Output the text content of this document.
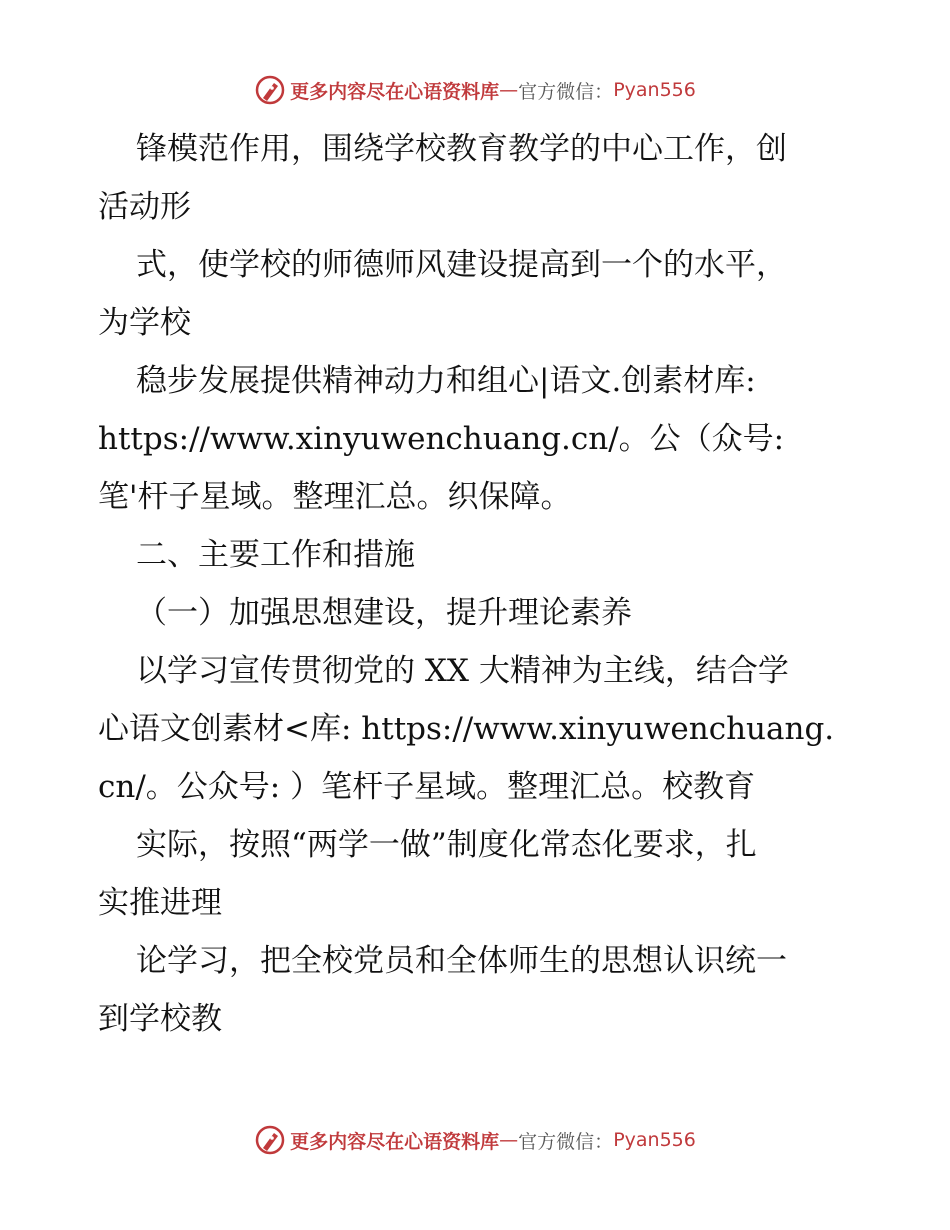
更多内容尽在心语资料库 — 官方微信： Pyan556
锋模范作用，围绕学校教育教学的中心工作，创
活动形
式，使学校的师德师风建设提高到一个的水平，
为学校
稳步发展提供精神动力和组心|语文.创素材库:
https://www.xinyuwenchuang.cn/。公（众号:
笔'杆子星域。整理汇总。织保障。
二、主要工作和措施
（一）加强思想建设，提升理论素养
以学习宣传贯彻党的 XX 大精神为主线，结合学
心语文创素材<库: https://www.xinyuwenchuang.
cn/。公众号: ）笔杆子星域。整理汇总。校教育
实际，按照“两学一做”制度化常态化要求，扎
实推进理
论学习，把全校党员和全体师生的思想认识统一
到学校教
更多内容尽在心语资料库 — 官方微信： Pyan556
